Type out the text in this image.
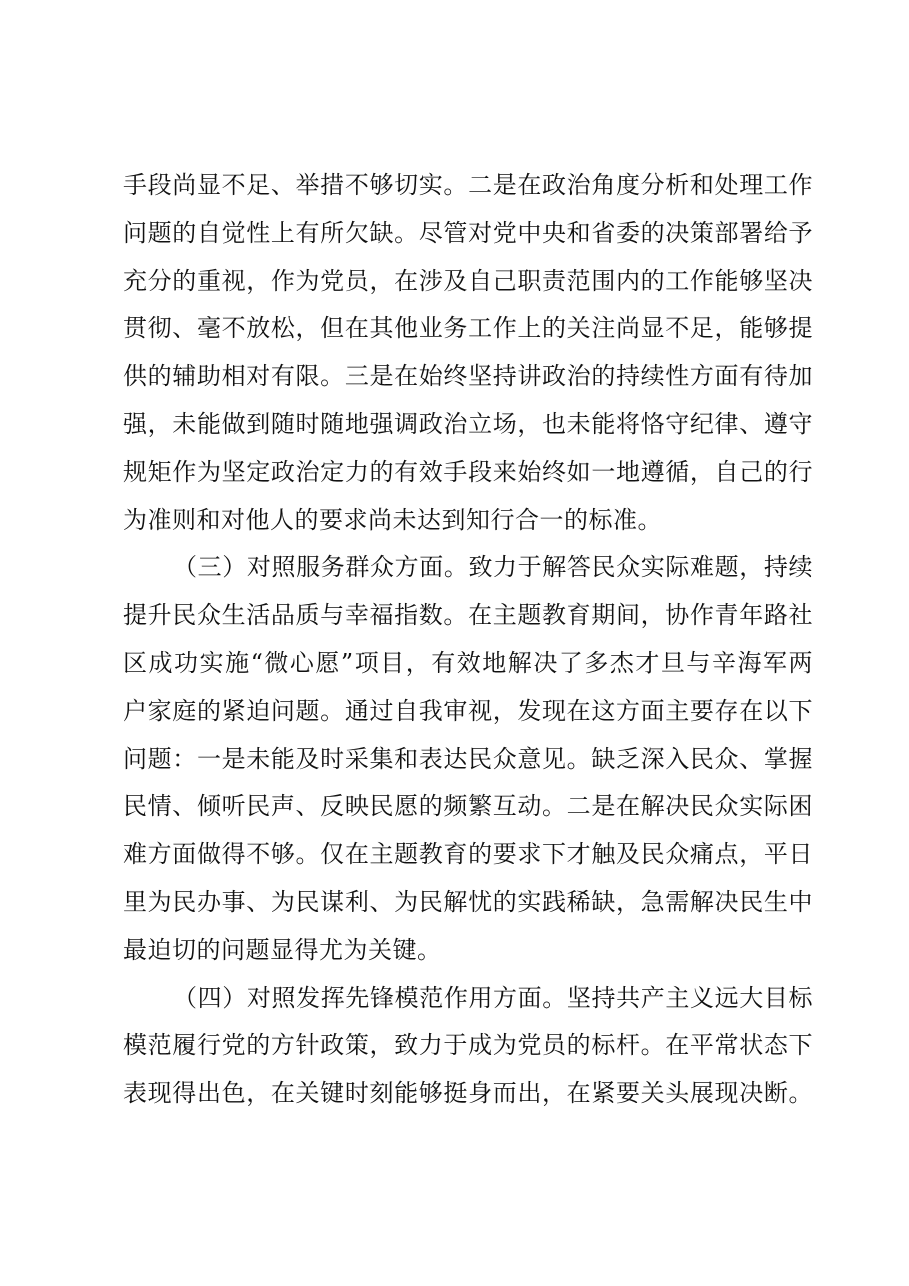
手段尚显不足、举措不够切实。二是在政治角度分析和处理工作
问题的自觉性上有所欠缺。尽管对党中央和省委的决策部署给予
充分的重视，作为党员，在涉及自己职责范围内的工作能够坚决
贯彻、毫不放松，但在其他业务工作上的关注尚显不足，能够提
供的辅助相对有限。三是在始终坚持讲政治的持续性方面有待加
强，未能做到随时随地强调政治立场，也未能将恪守纪律、遵守
规矩作为坚定政治定力的有效手段来始终如一地遵循，自己的行
为准则和对他人的要求尚未达到知行合一的标准。
（三）对照服务群众方面。致力于解答民众实际难题，持续
提升民众生活品质与幸福指数。在主题教育期间，协作青年路社
区成功实施“微心愿”项目，有效地解决了多杰才旦与辛海军两
户家庭的紧迫问题。通过自我审视，发现在这方面主要存在以下
问题：一是未能及时采集和表达民众意见。缺乏深入民众、掌握
民情、倾听民声、反映民愿的频繁互动。二是在解决民众实际困
难方面做得不够。仅在主题教育的要求下才触及民众痛点，平日
里为民办事、为民谋利、为民解忧的实践稀缺，急需解决民生中
最迫切的问题显得尤为关键。
（四）对照发挥先锋模范作用方面。坚持共产主义远大目标
模范履行党的方针政策，致力于成为党员的标杆。在平常状态下
表现得出色，在关键时刻能够挺身而出，在紧要关头展现决断。
